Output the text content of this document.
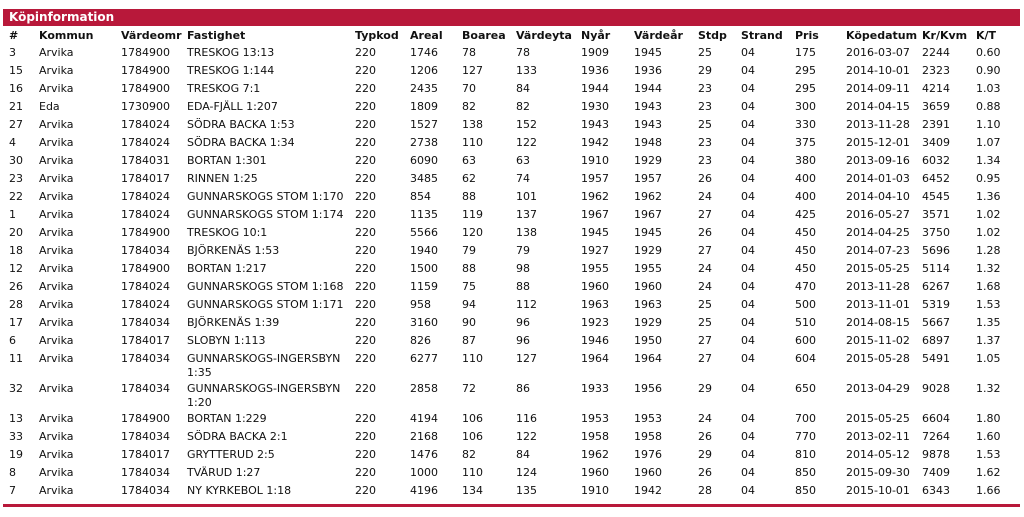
Köpinformation
#	Kommun	Värdeomr	Fastighet	Typkod	Areal	Boarea	Värdeyta	Nyår	Värdeår	Stdp	Strand	Pris	Köpedatum	Kr/Kvm	K/T
3	Arvika	1784900	TRESKOG 13:13	220	1746	78	78	1909	1945	25	04	175	2016-03-07	2244	0.60
15	Arvika	1784900	TRESKOG 1:144	220	1206	127	133	1936	1936	29	04	295	2014-10-01	2323	0.90
16	Arvika	1784900	TRESKOG 7:1	220	2435	70	84	1944	1944	23	04	295	2014-09-11	4214	1.03
21	Eda	1730900	EDA-FJÄLL 1:207	220	1809	82	82	1930	1943	23	04	300	2014-04-15	3659	0.88
27	Arvika	1784024	SÖDRA BACKA 1:53	220	1527	138	152	1943	1943	25	04	330	2013-11-28	2391	1.10
4	Arvika	1784024	SÖDRA BACKA 1:34	220	2738	110	122	1942	1948	23	04	375	2015-12-01	3409	1.07
30	Arvika	1784031	BORTAN 1:301	220	6090	63	63	1910	1929	23	04	380	2013-09-16	6032	1.34
23	Arvika	1784017	RINNEN 1:25	220	3485	62	74	1957	1957	26	04	400	2014-01-03	6452	0.95
22	Arvika	1784024	GUNNARSKOGS STOM 1:170	220	854	88	101	1962	1962	24	04	400	2014-04-10	4545	1.36
1	Arvika	1784024	GUNNARSKOGS STOM 1:174	220	1135	119	137	1967	1967	27	04	425	2016-05-27	3571	1.02
20	Arvika	1784900	TRESKOG 10:1	220	5566	120	138	1945	1945	26	04	450	2014-04-25	3750	1.02
18	Arvika	1784034	BJÖRKENÄS 1:53	220	1940	79	79	1927	1929	27	04	450	2014-07-23	5696	1.28
12	Arvika	1784900	BORTAN 1:217	220	1500	88	98	1955	1955	24	04	450	2015-05-25	5114	1.32
26	Arvika	1784024	GUNNARSKOGS STOM 1:168	220	1159	75	88	1960	1960	24	04	470	2013-11-28	6267	1.68
28	Arvika	1784024	GUNNARSKOGS STOM 1:171	220	958	94	112	1963	1963	25	04	500	2013-11-01	5319	1.53
17	Arvika	1784034	BJÖRKENÄS 1:39	220	3160	90	96	1923	1929	25	04	510	2014-08-15	5667	1.35
6	Arvika	1784017	SLOBYN 1:113	220	826	87	96	1946	1950	27	04	600	2015-11-02	6897	1.37
11	Arvika	1784034	GUNNARSKOGS-INGERSBYN 1:35	220	6277	110	127	1964	1964	27	04	604	2015-05-28	5491	1.05
32	Arvika	1784034	GUNNARSKOGS-INGERSBYN 1:20	220	2858	72	86	1933	1956	29	04	650	2013-04-29	9028	1.32
13	Arvika	1784900	BORTAN 1:229	220	4194	106	116	1953	1953	24	04	700	2015-05-25	6604	1.80
33	Arvika	1784034	SÖDRA BACKA 2:1	220	2168	106	122	1958	1958	26	04	770	2013-02-11	7264	1.60
19	Arvika	1784017	GRYTTERUD 2:5	220	1476	82	84	1962	1976	29	04	810	2014-05-12	9878	1.53
8	Arvika	1784034	TVÄRUD 1:27	220	1000	110	124	1960	1960	26	04	850	2015-09-30	7409	1.62
7	Arvika	1784034	NY KYRKEBOL 1:18	220	4196	134	135	1910	1942	28	04	850	2015-10-01	6343	1.66
